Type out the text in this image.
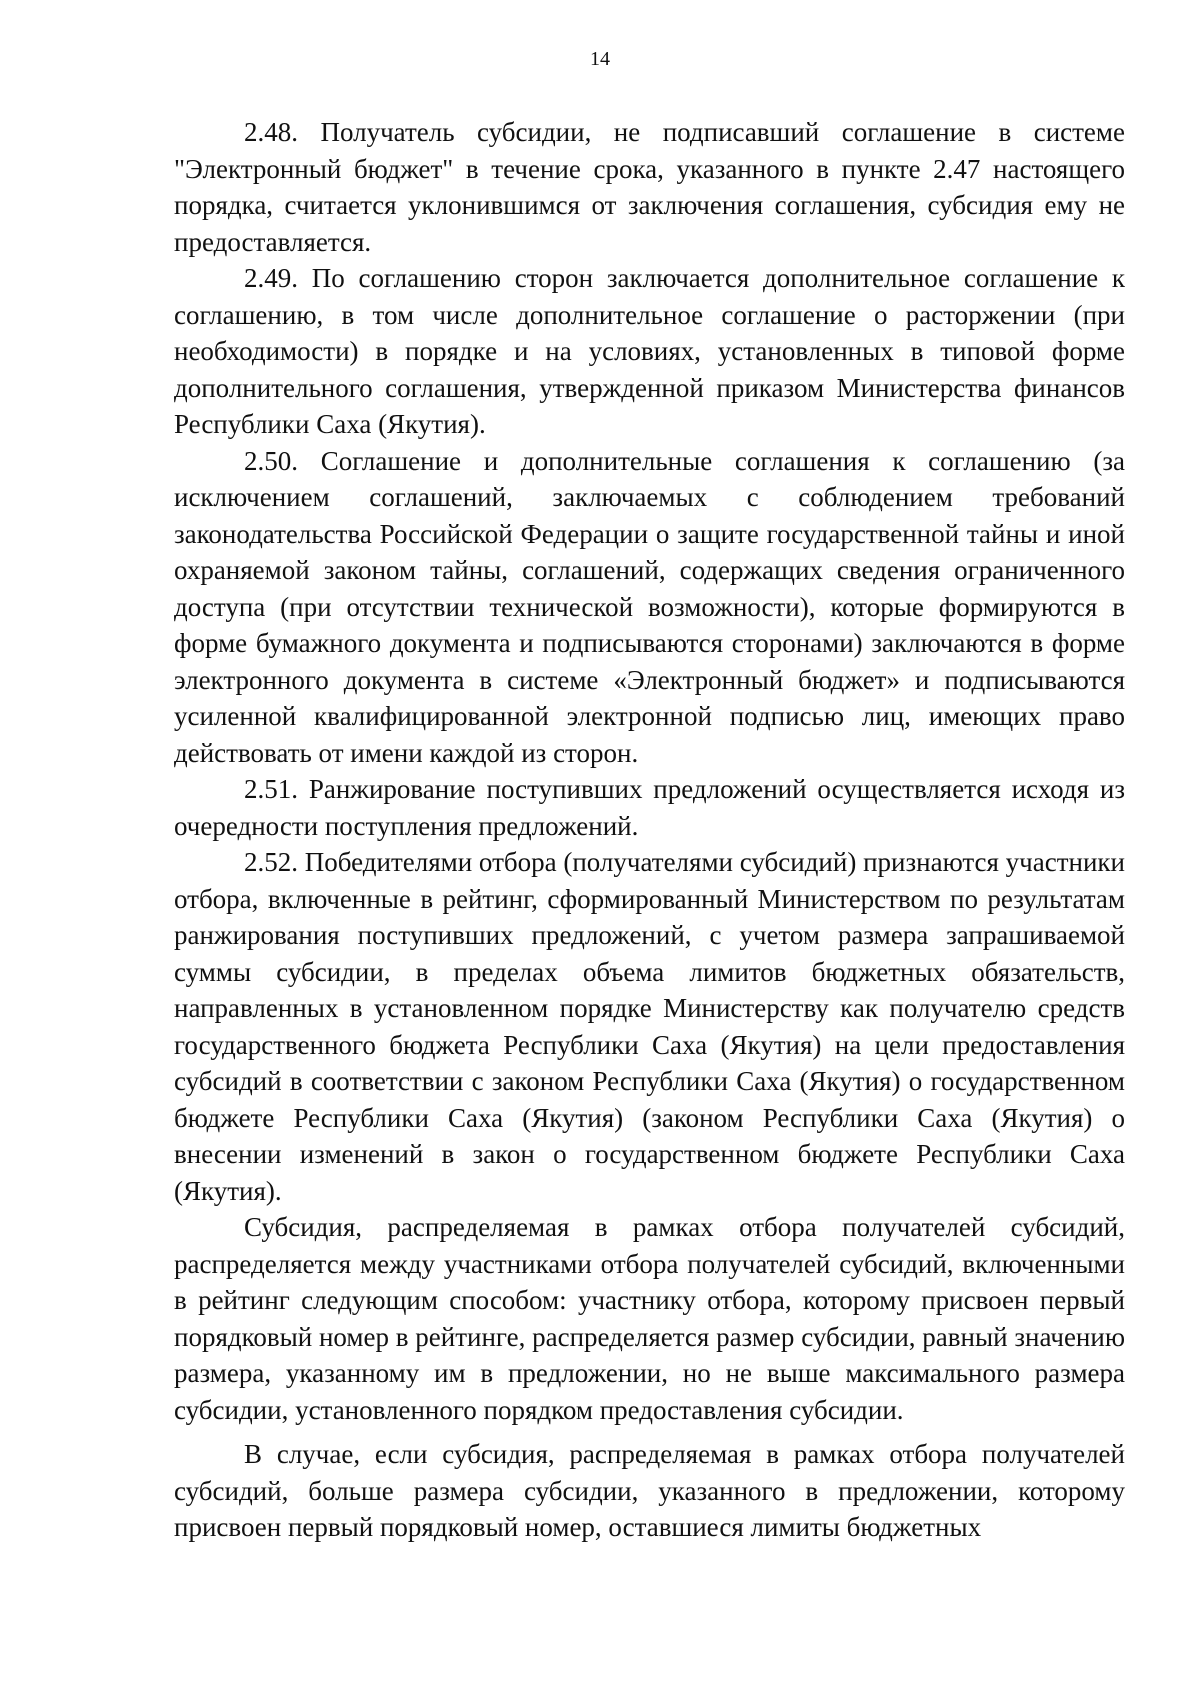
14

2.48. Получатель субсидии, не подписавший соглашение в системе "Электронный бюджет" в течение срока, указанного в пункте 2.47 настоящего порядка, считается уклонившимся от заключения соглашения, субсидия ему не предоставляется.

2.49. По соглашению сторон заключается дополнительное соглашение к соглашению, в том числе дополнительное соглашение о расторжении (при необходимости) в порядке и на условиях, установленных в типовой форме дополнительного соглашения, утвержденной приказом Министерства финансов Республики Саха (Якутия).

2.50. Соглашение и дополнительные соглашения к соглашению (за исключением соглашений, заключаемых с соблюдением требований законодательства Российской Федерации о защите государственной тайны и иной охраняемой законом тайны, соглашений, содержащих сведения ограниченного доступа (при отсутствии технической возможности), которые формируются в форме бумажного документа и подписываются сторонами) заключаются в форме электронного документа в системе «Электронный бюджет» и подписываются усиленной квалифицированной электронной подписью лиц, имеющих право действовать от имени каждой из сторон.

2.51. Ранжирование поступивших предложений осуществляется исходя из очередности поступления предложений.

2.52. Победителями отбора (получателями субсидий) признаются участники отбора, включенные в рейтинг, сформированный Министерством по результатам ранжирования поступивших предложений, с учетом размера запрашиваемой суммы субсидии, в пределах объема лимитов бюджетных обязательств, направленных в установленном порядке Министерству как получателю средств государственного бюджета Республики Саха (Якутия) на цели предоставления субсидий в соответствии с законом Республики Саха (Якутия) о государственном бюджете Республики Саха (Якутия) (законом Республики Саха (Якутия) о внесении изменений в закон о государственном бюджете Республики Саха (Якутия).

Субсидия, распределяемая в рамках отбора получателей субсидий, распределяется между участниками отбора получателей субсидий, включенными в рейтинг следующим способом: участнику отбора, которому присвоен первый порядковый номер в рейтинге, распределяется размер субсидии, равный значению размера, указанному им в предложении, но не выше максимального размера субсидии, установленного порядком предоставления субсидии.

В случае, если субсидия, распределяемая в рамках отбора получателей субсидий, больше размера субсидии, указанного в предложении, которому присвоен первый порядковый номер, оставшиеся лимиты бюджетных
